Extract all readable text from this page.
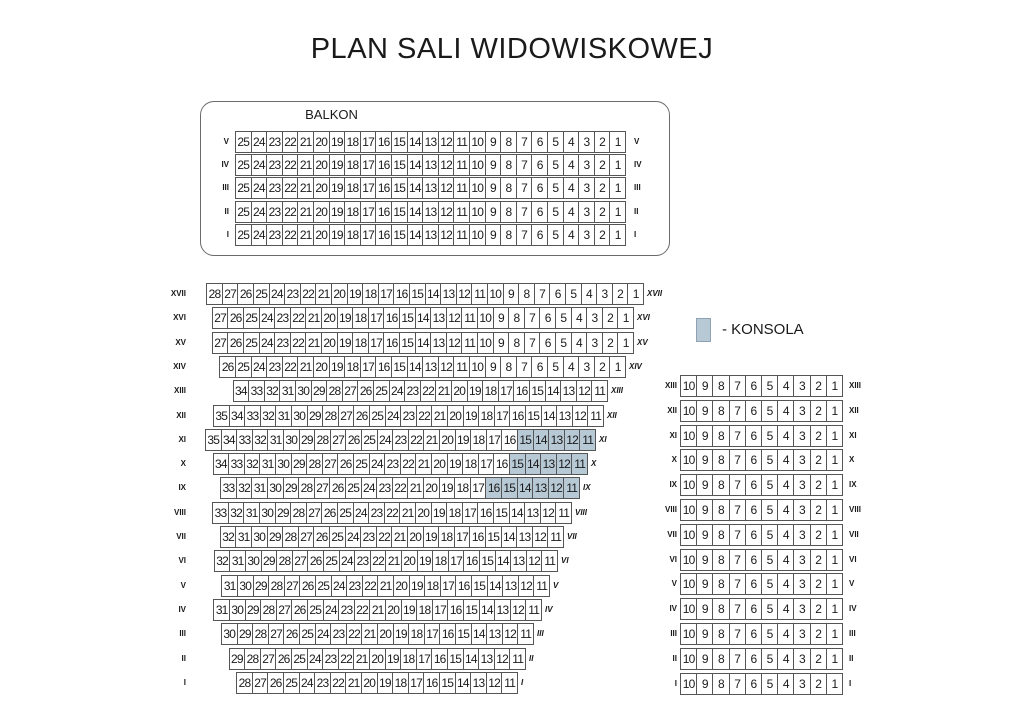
PLAN SALI WIDOWISKOWEJ
BALKON
- KONSOLA
25 24 23 22 21 20 19 18 17 16 15 14 13 12 11 10 9 8 7 6 5 4 3 2 1
V	V
25 24 23 22 21 20 19 18 17 16 15 14 13 12 11 10 9 8 7 6 5 4 3 2 1
IV	IV
25 24 23 22 21 20 19 18 17 16 15 14 13 12 11 10 9 8 7 6 5 4 3 2 1
III	III
25 24 23 22 21 20 19 18 17 16 15 14 13 12 11 10 9 8 7 6 5 4 3 2 1
II	II
25 24 23 22 21 20 19 18 17 16 15 14 13 12 11 10 9 8 7 6 5 4 3 2 1
I	I
28 27 26 25 24 23 22 21 20 19 18 17 16 15 14 13 12 11 10 9 8 7 6 5 4 3 2 1
XVII	XVII
27 26 25 24 23 22 21 20 19 18 17 16 15 14 13 12 11 10 9 8 7 6 5 4 3 2 1
XVI	XVI
27 26 25 24 23 22 21 20 19 18 17 16 15 14 13 12 11 10 9 8 7 6 5 4 3 2 1
XV	XV
26 25 24 23 22 21 20 19 18 17 16 15 14 13 12 11 10 9 8 7 6 5 4 3 2 1
XIV	XIV
34 33 32 31 30 29 28 27 26 25 24 23 22 21 20 19 18 17 16 15 14 13 12 11
XIII	XIII
35 34 33 32 31 30 29 28 27 26 25 24 23 22 21 20 19 18 17 16 15 14 13 12 11
XII	XII
35 34 33 32 31 30 29 28 27 26 25 24 23 22 21 20 19 18 17 16 15 14 13 12 11
XI	XI
34 33 32 31 30 29 28 27 26 25 24 23 22 21 20 19 18 17 16 15 14 13 12 11
X	X
33 32 31 30 29 28 27 26 25 24 23 22 21 20 19 18 17 16 15 14 13 12 11
IX	IX
33 32 31 30 29 28 27 26 25 24 23 22 21 20 19 18 17 16 15 14 13 12 11
VIII	VIII
32 31 30 29 28 27 26 25 24 23 22 21 20 19 18 17 16 15 14 13 12 11
VII	VII
32 31 30 29 28 27 26 25 24 23 22 21 20 19 18 17 16 15 14 13 12 11
VI	VI
31 30 29 28 27 26 25 24 23 22 21 20 19 18 17 16 15 14 13 12 11
V	V
31 30 29 28 27 26 25 24 23 22 21 20 19 18 17 16 15 14 13 12 11
IV	IV
30 29 28 27 26 25 24 23 22 21 20 19 18 17 16 15 14 13 12 11
III	III
29 28 27 26 25 24 23 22 21 20 19 18 17 16 15 14 13 12 11
II	II
28 27 26 25 24 23 22 21 20 19 18 17 16 15 14 13 12 11
I	I
10 9 8 7 6 5 4 3 2 1
XIII	XIII
10 9 8 7 6 5 4 3 2 1
XII	XII
10 9 8 7 6 5 4 3 2 1
XI	XI
10 9 8 7 6 5 4 3 2 1
X	X
10 9 8 7 6 5 4 3 2 1
IX	IX
10 9 8 7 6 5 4 3 2 1
VIII	VIII
10 9 8 7 6 5 4 3 2 1
VII	VII
10 9 8 7 6 5 4 3 2 1
VI	VI
10 9 8 7 6 5 4 3 2 1
V	V
10 9 8 7 6 5 4 3 2 1
IV	IV
10 9 8 7 6 5 4 3 2 1
III	III
10 9 8 7 6 5 4 3 2 1
II	II
10 9 8 7 6 5 4 3 2 1
I	I
